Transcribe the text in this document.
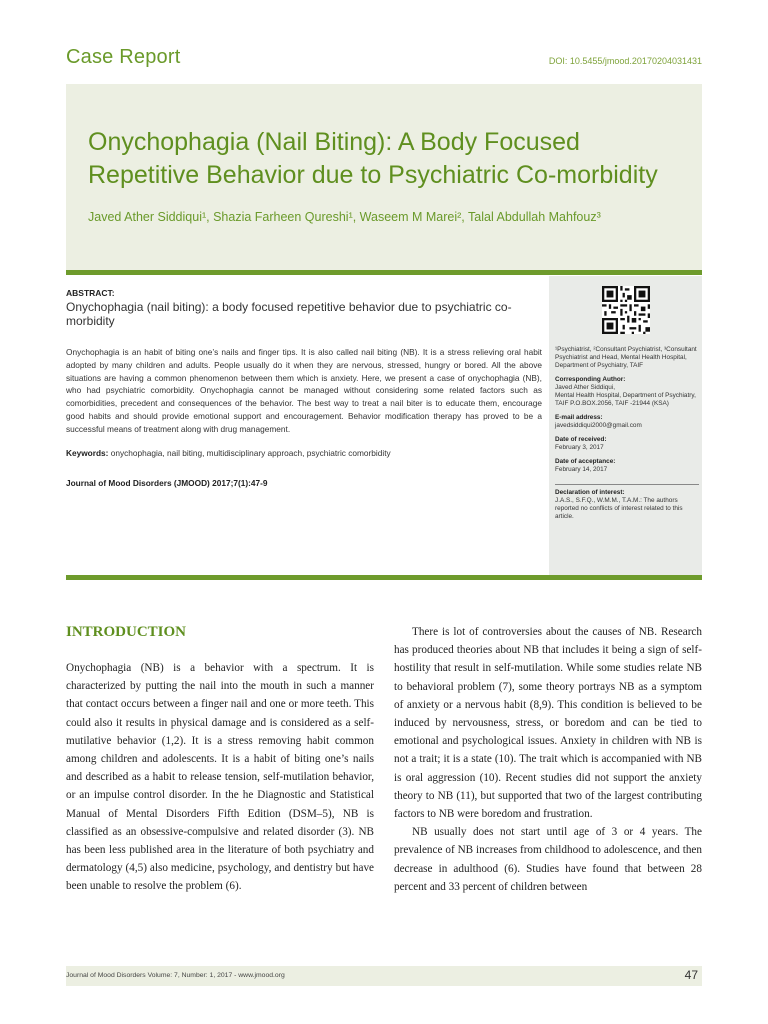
Case Report	DOI: 10.5455/jmood.20170204031431
Onychophagia (Nail Biting): A Body Focused Repetitive Behavior due to Psychiatric Co-morbidity
Javed Ather Siddiqui¹, Shazia Farheen Qureshi¹, Waseem M Marei², Talal Abdullah Mahfouz³
ABSTRACT:
Onychophagia (nail biting): a body focused repetitive behavior due to psychiatric co-morbidity
Onychophagia is an habit of biting one’s nails and finger tips. It is also called nail biting (NB). It is a stress relieving oral habit adopted by many children and adults. People usually do it when they are nervous, stressed, hungry or bored. All the above situations are having a common phenomenon between them which is anxiety. Here, we present a case of onychophagia (NB), who had psychiatric comorbidity. Onychophagia cannot be managed without considering some related factors such as comorbidities, precedent and consequences of the behavior. The best way to treat a nail biter is to educate them, encourage good habits and should provide emotional support and encouragement. Behavior modification therapy has proved to be a successful means of treatment along with drug management.
Keywords: onychophagia, nail biting, multidisciplinary approach, psychiatric comorbidity
Journal of Mood Disorders (JMOOD) 2017;7(1):47-9
¹Psychiatrist, ²Consultant Psychiatrist, ³Consultant Psychiatrist and Head, Mental Health Hospital, Department of Psychiatry, TAIF
Corresponding Author:
Javed Ather Siddiqui,
Mental Health Hospital, Department of Psychiatry, TAIF P.O.BOX.2056, TAIF -21944 (KSA)
E-mail address:
javedsiddiqui2000@gmail.com
Date of received:
February 3, 2017
Date of acceptance:
February 14, 2017
Declaration of interest:
J.A.S., S.F.Q., W.M.M., T.A.M.: The authors reported no conflicts of interest related to this article.
INTRODUCTION

Onychophagia (NB) is a behavior with a spectrum. It is characterized by putting the nail into the mouth in such a manner that contact occurs between a finger nail and one or more teeth. This could also it results in physical damage and is considered as a self-mutilative behavior (1,2). It is a stress removing habit common among children and adolescents. It is a habit of biting one’s nails and described as a habit to release tension, self-mutilation behavior, or an impulse control disorder. In the he Diagnostic and Statistical Manual of Mental Disorders Fifth Edition (DSM–5), NB is classified as an obsessive-compulsive and related disorder (3). NB has been less published area in the literature of both psychiatry and dermatology (4,5) also medicine, psychology, and dentistry but have been unable to resolve the problem (6).

There is lot of controversies about the causes of NB. Research has produced theories about NB that includes it being a sign of self-hostility that result in self-mutilation. While some studies relate NB to behavioral problem (7), some theory portrays NB as a symptom of anxiety or a nervous habit (8,9). This condition is believed to be induced by nervousness, stress, or boredom and can be tied to emotional and psychological issues. Anxiety in children with NB is not a trait; it is a state (10). The trait which is accompanied with NB is oral aggression (10). Recent studies did not support the anxiety theory to NB (11), but supported that two of the largest contributing factors to NB were boredom and frustration.

NB usually does not start until age of 3 or 4 years. The prevalence of NB increases from childhood to adolescence, and then decrease in adulthood (6). Studies have found that between 28 percent and 33 percent of children between

Journal of Mood Disorders Volume: 7, Number: 1, 2017 - www.jmood.org	47
